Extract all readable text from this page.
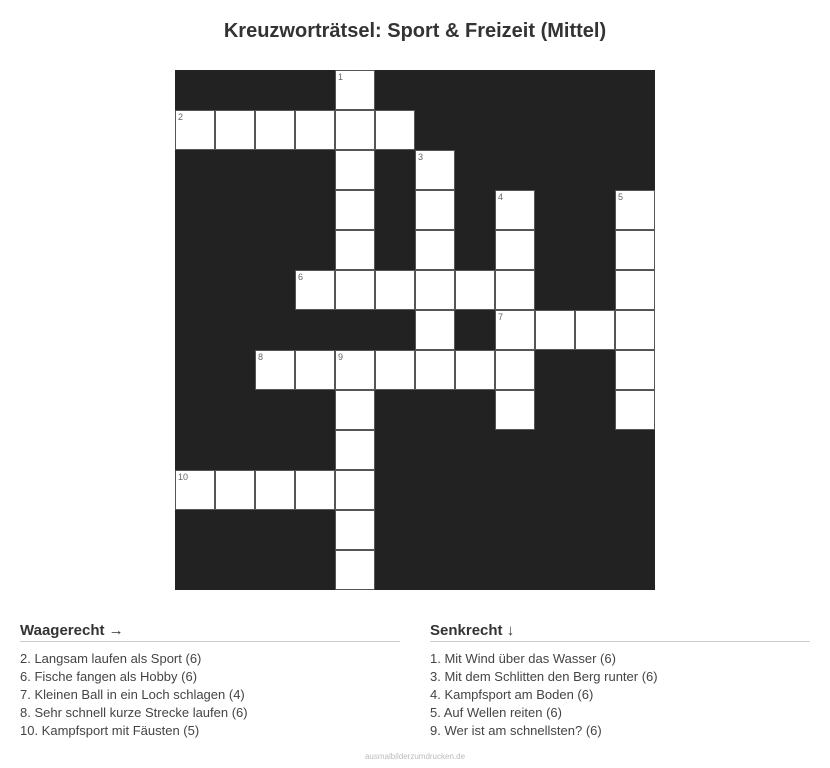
Kreuzworträtsel: Sport & Freizeit (Mittel)
1
2
3
4	5
6
7
8	9
10
Waagerecht →
2. Langsam laufen als Sport (6)
6. Fische fangen als Hobby (6)
7. Kleinen Ball in ein Loch schlagen (4)
8. Sehr schnell kurze Strecke laufen (6)
10. Kampfsport mit Fäusten (5)
Senkrecht ↓
1. Mit Wind über das Wasser (6)
3. Mit dem Schlitten den Berg runter (6)
4. Kampfsport am Boden (6)
5. Auf Wellen reiten (6)
9. Wer ist am schnellsten? (6)
ausmalbilderzumdrucken.de
